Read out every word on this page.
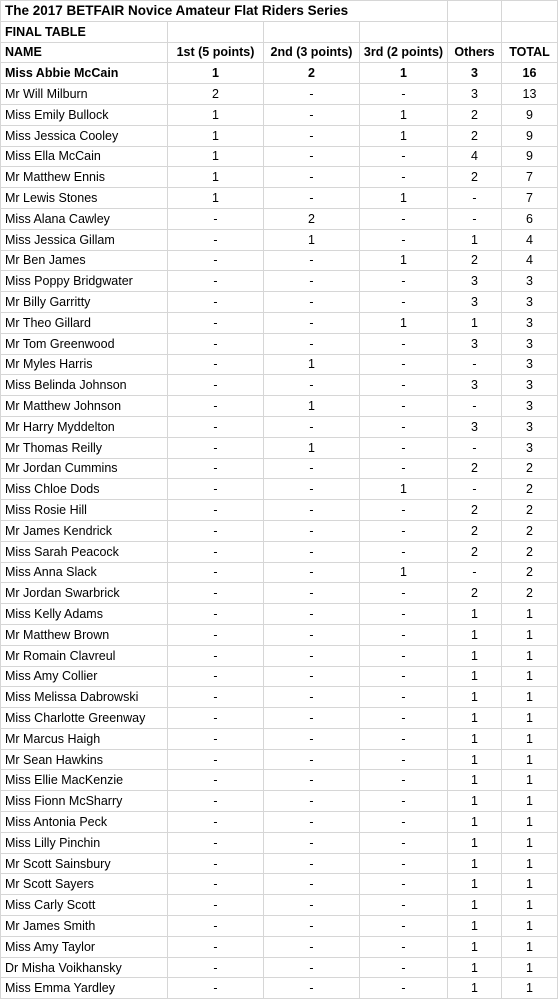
The 2017 BETFAIR Novice Amateur Flat Riders Series					
FINAL TABLE					
NAME	1st (5 points)	2nd (3 points)	3rd (2 points)	Others	TOTAL
Miss Abbie McCain	1	2	1	3	16
Mr Will Milburn	2	-	-	3	13
Miss Emily Bullock	1	-	1	2	9
Miss Jessica Cooley	1	-	1	2	9
Miss Ella McCain	1	-	-	4	9
Mr Matthew Ennis	1	-	-	2	7
Mr Lewis Stones	1	-	1	-	7
Miss Alana Cawley	-	2	-	-	6
Miss Jessica Gillam	-	1	-	1	4
Mr Ben James	-	-	1	2	4
Miss Poppy Bridgwater	-	-	-	3	3
Mr Billy Garritty	-	-	-	3	3
Mr Theo Gillard	-	-	1	1	3
Mr Tom Greenwood	-	-	-	3	3
Mr Myles Harris	-	1	-	-	3
Miss Belinda Johnson	-	-	-	3	3
Mr Matthew Johnson	-	1	-	-	3
Mr Harry Myddelton	-	-	-	3	3
Mr Thomas Reilly	-	1	-	-	3
Mr Jordan Cummins	-	-	-	2	2
Miss Chloe Dods	-	-	1	-	2
Miss Rosie Hill	-	-	-	2	2
Mr James Kendrick	-	-	-	2	2
Miss Sarah Peacock	-	-	-	2	2
Miss Anna Slack	-	-	1	-	2
Mr Jordan Swarbrick	-	-	-	2	2
Miss Kelly Adams	-	-	-	1	1
Mr Matthew Brown	-	-	-	1	1
Mr Romain Clavreul	-	-	-	1	1
Miss Amy Collier	-	-	-	1	1
Miss Melissa Dabrowski	-	-	-	1	1
Miss Charlotte Greenway	-	-	-	1	1
Mr Marcus Haigh	-	-	-	1	1
Mr Sean Hawkins	-	-	-	1	1
Miss Ellie MacKenzie	-	-	-	1	1
Miss Fionn McSharry	-	-	-	1	1
Miss Antonia Peck	-	-	-	1	1
Miss Lilly Pinchin	-	-	-	1	1
Mr Scott Sainsbury	-	-	-	1	1
Mr Scott Sayers	-	-	-	1	1
Miss Carly Scott	-	-	-	1	1
Mr James Smith	-	-	-	1	1
Miss Amy Taylor	-	-	-	1	1
Dr Misha Voikhansky	-	-	-	1	1
Miss Emma Yardley	-	-	-	1	1
